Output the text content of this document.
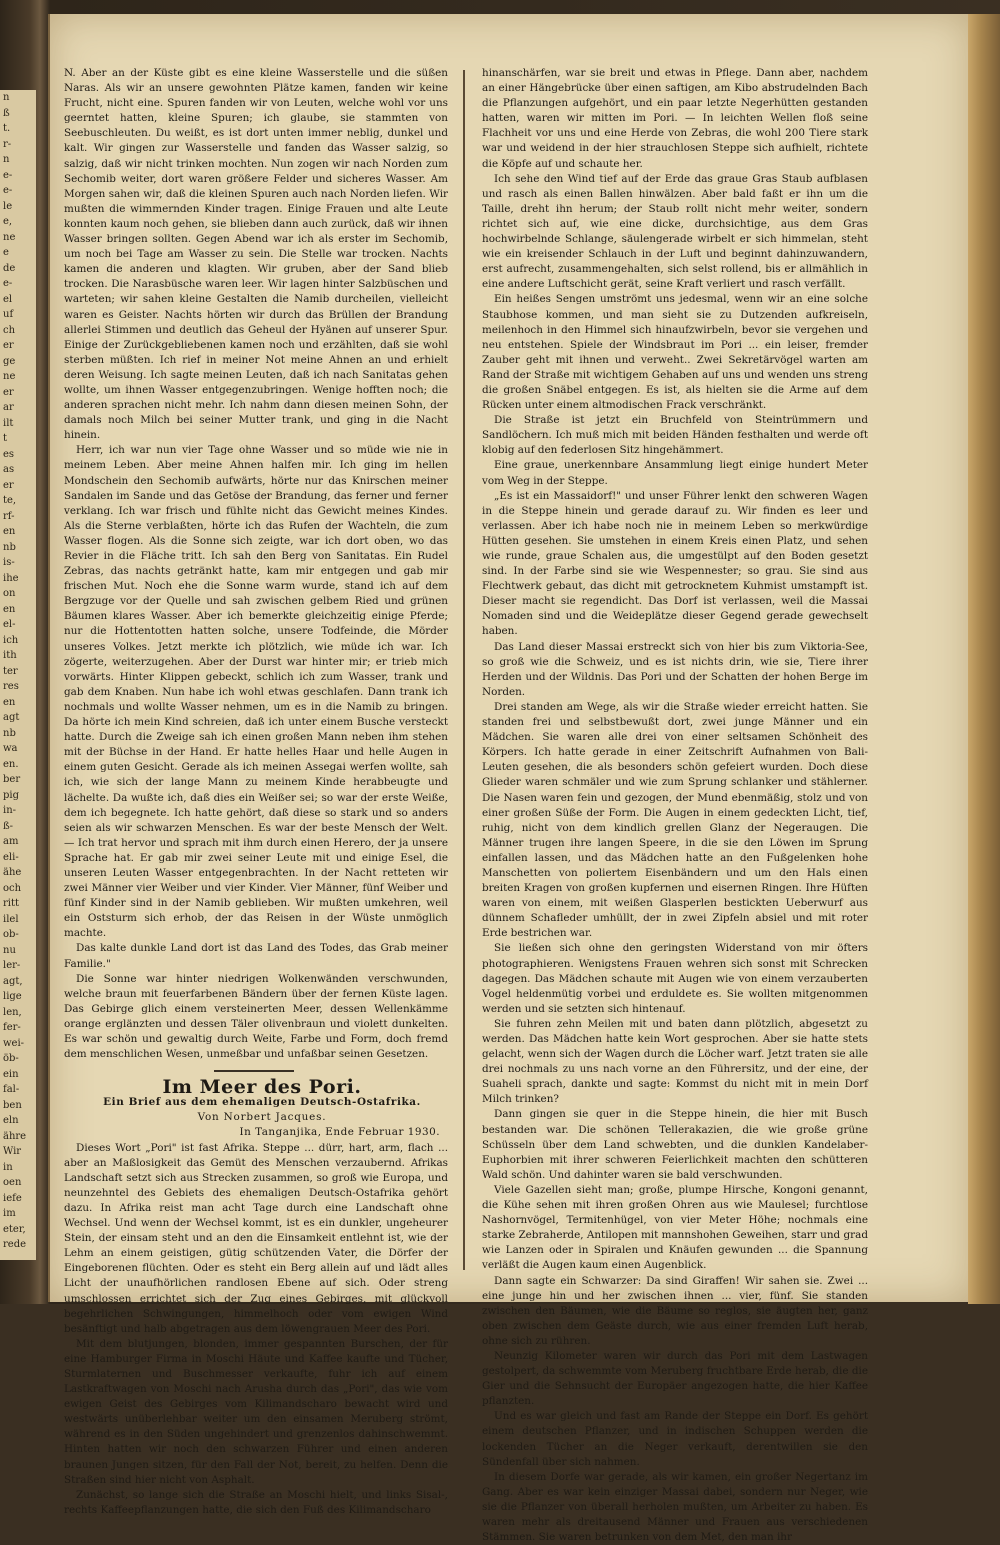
n
ß
t.
r-
n
e-
e-
le
e,
ne
e
de
e-
el
uf
ch
er
ge
ne
er
ar
ilt
t
es
as
er
te,
rf-
en
nb
is-
ihe
on
en
el-
ich
ith
ter
res
en
agt
nb
wa
en.
ber
pig
in-
ß-
am
eli-
ähe
och
ritt
ilel
ob-
nu
ler-
agt,
lige
len,
fer-
wei-
öb-
ein
fal-
ben
eln
ähre
Wir
in
oen
iefe
im
eter,
rede

N. Aber an der Küste gibt es eine kleine Wasserstelle und die süßen Naras. Als wir an unsere gewohnten Plätze kamen, fanden wir keine Frucht, nicht eine. Spuren fanden wir von Leuten, welche wohl vor uns geerntet hatten, kleine Spuren; ich glaube, sie stammten von Seebuschleuten. Du weißt, es ist dort unten immer neblig, dunkel und kalt. Wir gingen zur Wasserstelle und fanden das Wasser salzig, so salzig, daß wir nicht trinken mochten. Nun zogen wir nach Norden zum Sechomib weiter, dort waren größere Felder und sicheres Wasser. Am Morgen sahen wir, daß die kleinen Spuren auch nach Norden liefen. Wir mußten die wimmernden Kinder tragen. Einige Frauen und alte Leute konnten kaum noch gehen, sie blieben dann auch zurück, daß wir ihnen Wasser bringen sollten. Gegen Abend war ich als erster im Sechomib, um noch bei Tage am Wasser zu sein. Die Stelle war trocken. Nachts kamen die anderen und klagten. Wir gruben, aber der Sand blieb trocken. Die Narasbüsche waren leer. Wir lagen hinter Salzbüschen und warteten; wir sahen kleine Gestalten die Namib durcheilen, vielleicht waren es Geister. Nachts hörten wir durch das Brüllen der Brandung allerlei Stimmen und deutlich das Geheul der Hyänen auf unserer Spur. Einige der Zurückgebliebenen kamen noch und erzählten, daß sie wohl sterben müßten. Ich rief in meiner Not meine Ahnen an und erhielt deren Weisung. Ich sagte meinen Leuten, daß ich nach Sanitatas gehen wollte, um ihnen Wasser entgegenzubringen. Wenige hofften noch; die anderen sprachen nicht mehr. Ich nahm dann diesen meinen Sohn, der damals noch Milch bei seiner Mutter trank, und ging in die Nacht hinein.

Herr, ich war nun vier Tage ohne Wasser und so müde wie nie in meinem Leben. Aber meine Ahnen halfen mir. Ich ging im hellen Mondschein den Sechomib aufwärts, hörte nur das Knirschen meiner Sandalen im Sande und das Getöse der Brandung, das ferner und ferner verklang. Ich war frisch und fühlte nicht das Gewicht meines Kindes. Als die Sterne verblaßten, hörte ich das Rufen der Wachteln, die zum Wasser flogen. Als die Sonne sich zeigte, war ich dort oben, wo das Revier in die Fläche tritt. Ich sah den Berg von Sanitatas. Ein Rudel Zebras, das nachts getränkt hatte, kam mir entgegen und gab mir frischen Mut. Noch ehe die Sonne warm wurde, stand ich auf dem Bergzuge vor der Quelle und sah zwischen gelbem Ried und grünen Bäumen klares Wasser. Aber ich bemerkte gleichzeitig einige Pferde; nur die Hottentotten hatten solche, unsere Todfeinde, die Mörder unseres Volkes. Jetzt merkte ich plötzlich, wie müde ich war. Ich zögerte, weiterzugehen. Aber der Durst war hinter mir; er trieb mich vorwärts. Hinter Klippen gebeckt, schlich ich zum Wasser, trank und gab dem Knaben. Nun habe ich wohl etwas geschlafen. Dann trank ich nochmals und wollte Wasser nehmen, um es in die Namib zu bringen. Da hörte ich mein Kind schreien, daß ich unter einem Busche versteckt hatte. Durch die Zweige sah ich einen großen Mann neben ihm stehen mit der Büchse in der Hand. Er hatte helles Haar und helle Augen in einem guten Gesicht. Gerade als ich meinen Assegai werfen wollte, sah ich, wie sich der lange Mann zu meinem Kinde herabbeugte und lächelte. Da wußte ich, daß dies ein Weißer sei; so war der erste Weiße, dem ich begegnete. Ich hatte gehört, daß diese so stark und so anders seien als wir schwarzen Menschen. Es war der beste Mensch der Welt. — Ich trat hervor und sprach mit ihm durch einen Herero, der ja unsere Sprache hat. Er gab mir zwei seiner Leute mit und einige Esel, die unseren Leuten Wasser entgegenbrachten. In der Nacht retteten wir zwei Männer vier Weiber und vier Kinder. Vier Männer, fünf Weiber und fünf Kinder sind in der Namib geblieben. Wir mußten umkehren, weil ein Oststurm sich erhob, der das Reisen in der Wüste unmöglich machte.

Das kalte dunkle Land dort ist das Land des Todes, das Grab meiner Familie."

Die Sonne war hinter niedrigen Wolkenwänden verschwunden, welche braun mit feuerfarbenen Bändern über der fernen Küste lagen. Das Gebirge glich einem versteinerten Meer, dessen Wellenkämme orange erglänzten und dessen Täler olivenbraun und violett dunkelten. Es war schön und gewaltig durch Weite, Farbe und Form, doch fremd dem menschlichen Wesen, unmeßbar und unfaßbar seinen Gesetzen.

Im Meer des Pori.

Ein Brief aus dem ehemaligen Deutsch-Ostafrika.

Von Norbert Jacques.

In Tanganjika, Ende Februar 1930.

Dieses Wort „Pori" ist fast Afrika. Steppe ... dürr, hart, arm, flach ... aber an Maßlosigkeit das Gemüt des Menschen verzaubernd. Afrikas Landschaft setzt sich aus Strecken zusammen, so groß wie Europa, und neunzehntel des Gebiets des ehemaligen Deutsch-Ostafrika gehört dazu. In Afrika reist man acht Tage durch eine Landschaft ohne Wechsel. Und wenn der Wechsel kommt, ist es ein dunkler, ungeheurer Stein, der einsam steht und an den die Einsamkeit entlehnt ist, wie der Lehm an einem geistigen, gütig schützenden Vater, die Dörfer der Eingeborenen flüchten. Oder es steht ein Berg allein auf und lädt alles Licht der unaufhörlichen randlosen Ebene auf sich. Oder streng umschlossen errichtet sich der Zug eines Gebirges, mit glückvoll begehrlichen Schwingungen, himmelhoch oder vom ewigen Wind besänftigt und halb abgetragen aus dem löwengrauen Meer des Pori.

Mit dem blutjungen, blonden, immer gespannten Burschen, der für eine Hamburger Firma in Moschi Häute und Kaffee kaufte und Tücher, Sturmlaternen und Buschmesser verkaufte, fuhr ich auf einem Lastkraftwagen von Moschi nach Arusha durch das „Pori", das wie vom ewigen Geist des Gebirges vom Kilimandscharo bewacht wird und westwärts unüberlehbar weiter um den einsamen Meruberg strömt, während es in den Süden ungehindert und grenzenlos dahinschwemmt. Hinten hatten wir noch den schwarzen Führer und einen anderen braunen Jungen sitzen, für den Fall der Not, bereit, zu helfen. Denn die Straßen sind hier nicht von Asphalt.

Zunächst, so lange sich die Straße an Moschi hielt, und links Sisal-, rechts Kaffeepflanzungen hatte, die sich den Fuß des Kilimandscharo

hinanschärfen, war sie breit und etwas in Pflege. Dann aber, nachdem an einer Hängebrücke über einen saftigen, am Kibo abstrudelnden Bach die Pflanzungen aufgehört, und ein paar letzte Negerhütten gestanden hatten, waren wir mitten im Pori. — In leichten Wellen floß seine Flachheit vor uns und eine Herde von Zebras, die wohl 200 Tiere stark war und weidend in der hier strauchlosen Steppe sich aufhielt, richtete die Köpfe auf und schaute her.

Ich sehe den Wind tief auf der Erde das graue Gras Staub aufblasen und rasch als einen Ballen hinwälzen. Aber bald faßt er ihn um die Taille, dreht ihn herum; der Staub rollt nicht mehr weiter, sondern richtet sich auf, wie eine dicke, durchsichtige, aus dem Gras hochwirbelnde Schlange, säulengerade wirbelt er sich himmelan, steht wie ein kreisender Schlauch in der Luft und beginnt dahinzuwandern, erst aufrecht, zusammengehalten, sich selst rollend, bis er allmählich in eine andere Luftschicht gerät, seine Kraft verliert und rasch verfällt.

Ein heißes Sengen umströmt uns jedesmal, wenn wir an eine solche Staubhose kommen, und man sieht sie zu Dutzenden aufkreiseln, meilenhoch in den Himmel sich hinaufzwirbeln, bevor sie vergehen und neu entstehen. Spiele der Windsbraut im Pori ... ein leiser, fremder Zauber geht mit ihnen und verweht.. Zwei Sekretärvögel warten am Rand der Straße mit wichtigem Gehaben auf uns und wenden uns streng die großen Snäbel entgegen. Es ist, als hielten sie die Arme auf dem Rücken unter einem altmodischen Frack verschränkt.

Die Straße ist jetzt ein Bruchfeld von Steintrümmern und Sandlöchern. Ich muß mich mit beiden Händen festhalten und werde oft klobig auf den federlosen Sitz hingehämmert.

Eine graue, unerkennbare Ansammlung liegt einige hundert Meter vom Weg in der Steppe.

„Es ist ein Massaidorf!" und unser Führer lenkt den schweren Wagen in die Steppe hinein und gerade darauf zu. Wir finden es leer und verlassen. Aber ich habe noch nie in meinem Leben so merkwürdige Hütten gesehen. Sie umstehen in einem Kreis einen Platz, und sehen wie runde, graue Schalen aus, die umgestülpt auf den Boden gesetzt sind. In der Farbe sind sie wie Wespennester; so grau. Sie sind aus Flechtwerk gebaut, das dicht mit getrocknetem Kuhmist umstampft ist. Dieser macht sie regendicht. Das Dorf ist verlassen, weil die Massai Nomaden sind und die Weideplätze dieser Gegend gerade gewechselt haben.

Das Land dieser Massai erstreckt sich von hier bis zum Viktoria-See, so groß wie die Schweiz, und es ist nichts drin, wie sie, Tiere ihrer Herden und der Wildnis. Das Pori und der Schatten der hohen Berge im Norden.

Drei standen am Wege, als wir die Straße wieder erreicht hatten. Sie standen frei und selbstbewußt dort, zwei junge Männer und ein Mädchen. Sie waren alle drei von einer seltsamen Schönheit des Körpers. Ich hatte gerade in einer Zeitschrift Aufnahmen von Bali-Leuten gesehen, die als besonders schön gefeiert wurden. Doch diese Glieder waren schmäler und wie zum Sprung schlanker und stählerner. Die Nasen waren fein und gezogen, der Mund ebenmäßig, stolz und von einer großen Süße der Form. Die Augen in einem gedeckten Licht, tief, ruhig, nicht von dem kindlich grellen Glanz der Negeraugen. Die Männer trugen ihre langen Speere, in die sie den Löwen im Sprung einfallen lassen, und das Mädchen hatte an den Fußgelenken hohe Manschetten von poliertem Eisenbändern und um den Hals einen breiten Kragen von großen kupfernen und eisernen Ringen. Ihre Hüften waren von einem, mit weißen Glasperlen bestickten Ueberwurf aus dünnem Schafleder umhüllt, der in zwei Zipfeln absiel und mit roter Erde bestrichen war.

Sie ließen sich ohne den geringsten Widerstand von mir öfters photographieren. Wenigstens Frauen wehren sich sonst mit Schrecken dagegen. Das Mädchen schaute mit Augen wie von einem verzauberten Vogel heldenmütig vorbei und erduldete es. Sie wollten mitgenommen werden und sie setzten sich hintenauf.

Sie fuhren zehn Meilen mit und baten dann plötzlich, abgesetzt zu werden. Das Mädchen hatte kein Wort gesprochen. Aber sie hatte stets gelacht, wenn sich der Wagen durch die Löcher warf. Jetzt traten sie alle drei nochmals zu uns nach vorne an den Führersitz, und der eine, der Suaheli sprach, dankte und sagte: Kommst du nicht mit in mein Dorf Milch trinken?

Dann gingen sie quer in die Steppe hinein, die hier mit Busch bestanden war. Die schönen Tellerakazien, die wie große grüne Schüsseln über dem Land schwebten, und die dunklen Kandelaber-Euphorbien mit ihrer schweren Feierlichkeit machten den schütteren Wald schön. Und dahinter waren sie bald verschwunden.

Viele Gazellen sieht man; große, plumpe Hirsche, Kongoni genannt, die Kühe sehen mit ihren großen Ohren aus wie Maulesel; furchtlose Nashornvögel, Termitenhügel, von vier Meter Höhe; nochmals eine starke Zebraherde, Antilopen mit mannshohen Geweihen, starr und grad wie Lanzen oder in Spiralen und Knäufen gewunden ... die Spannung verläßt die Augen kaum einen Augenblick.

Dann sagte ein Schwarzer: Da sind Giraffen! Wir sahen sie. Zwei ... eine junge hin und her zwischen ihnen ... vier, fünf. Sie standen zwischen den Bäumen, wie die Bäume so reglos, sie äugten her, ganz oben zwischen dem Geäste durch, wie aus einer fremden Luft herab, ohne sich zu rühren.

Neunzig Kilometer waren wir durch das Pori mit dem Lastwagen gestolpert, da schwemmte vom Meruberg fruchtbare Erde herab, die die Gier und die Sehnsucht der Europäer angezogen hatte, die hier Kaffee pflanzten.

Und es war gleich und fast am Rande der Steppe ein Dorf. Es gehört einem deutschen Pflanzer, und in indischen Schuppen werden die lockenden Tücher an die Neger verkauft, derentwillen sie den Sündenfall über sich nahmen.

In diesem Dorfe war gerade, als wir kamen, ein großer Negertanz im Gang. Aber es war kein einziger Massai dabei, sondern nur Neger, wie sie die Pflanzer von überall herholen mußten, um Arbeiter zu haben. Es waren mehr als dreitausend Männer und Frauen aus verschiedenen Stämmen. Sie waren betrunken von dem Met, den man ihr
